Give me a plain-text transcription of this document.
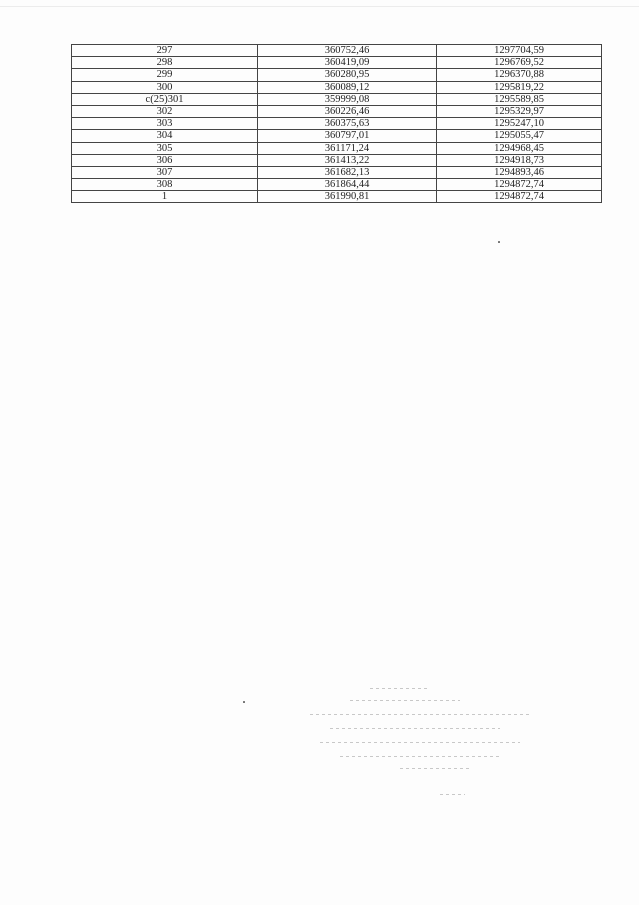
297	360752,46	1297704,59
298	360419,09	1296769,52
299	360280,95	1296370,88
300	360089,12	1295819,22
c(25)301	359999,08	1295589,85
302	360226,46	1295329,97
303	360375,63	1295247,10
304	360797,01	1295055,47
305	361171,24	1294968,45
306	361413,22	1294918,73
307	361682,13	1294893,46
308	361864,44	1294872,74
1	361990,81	1294872,74
